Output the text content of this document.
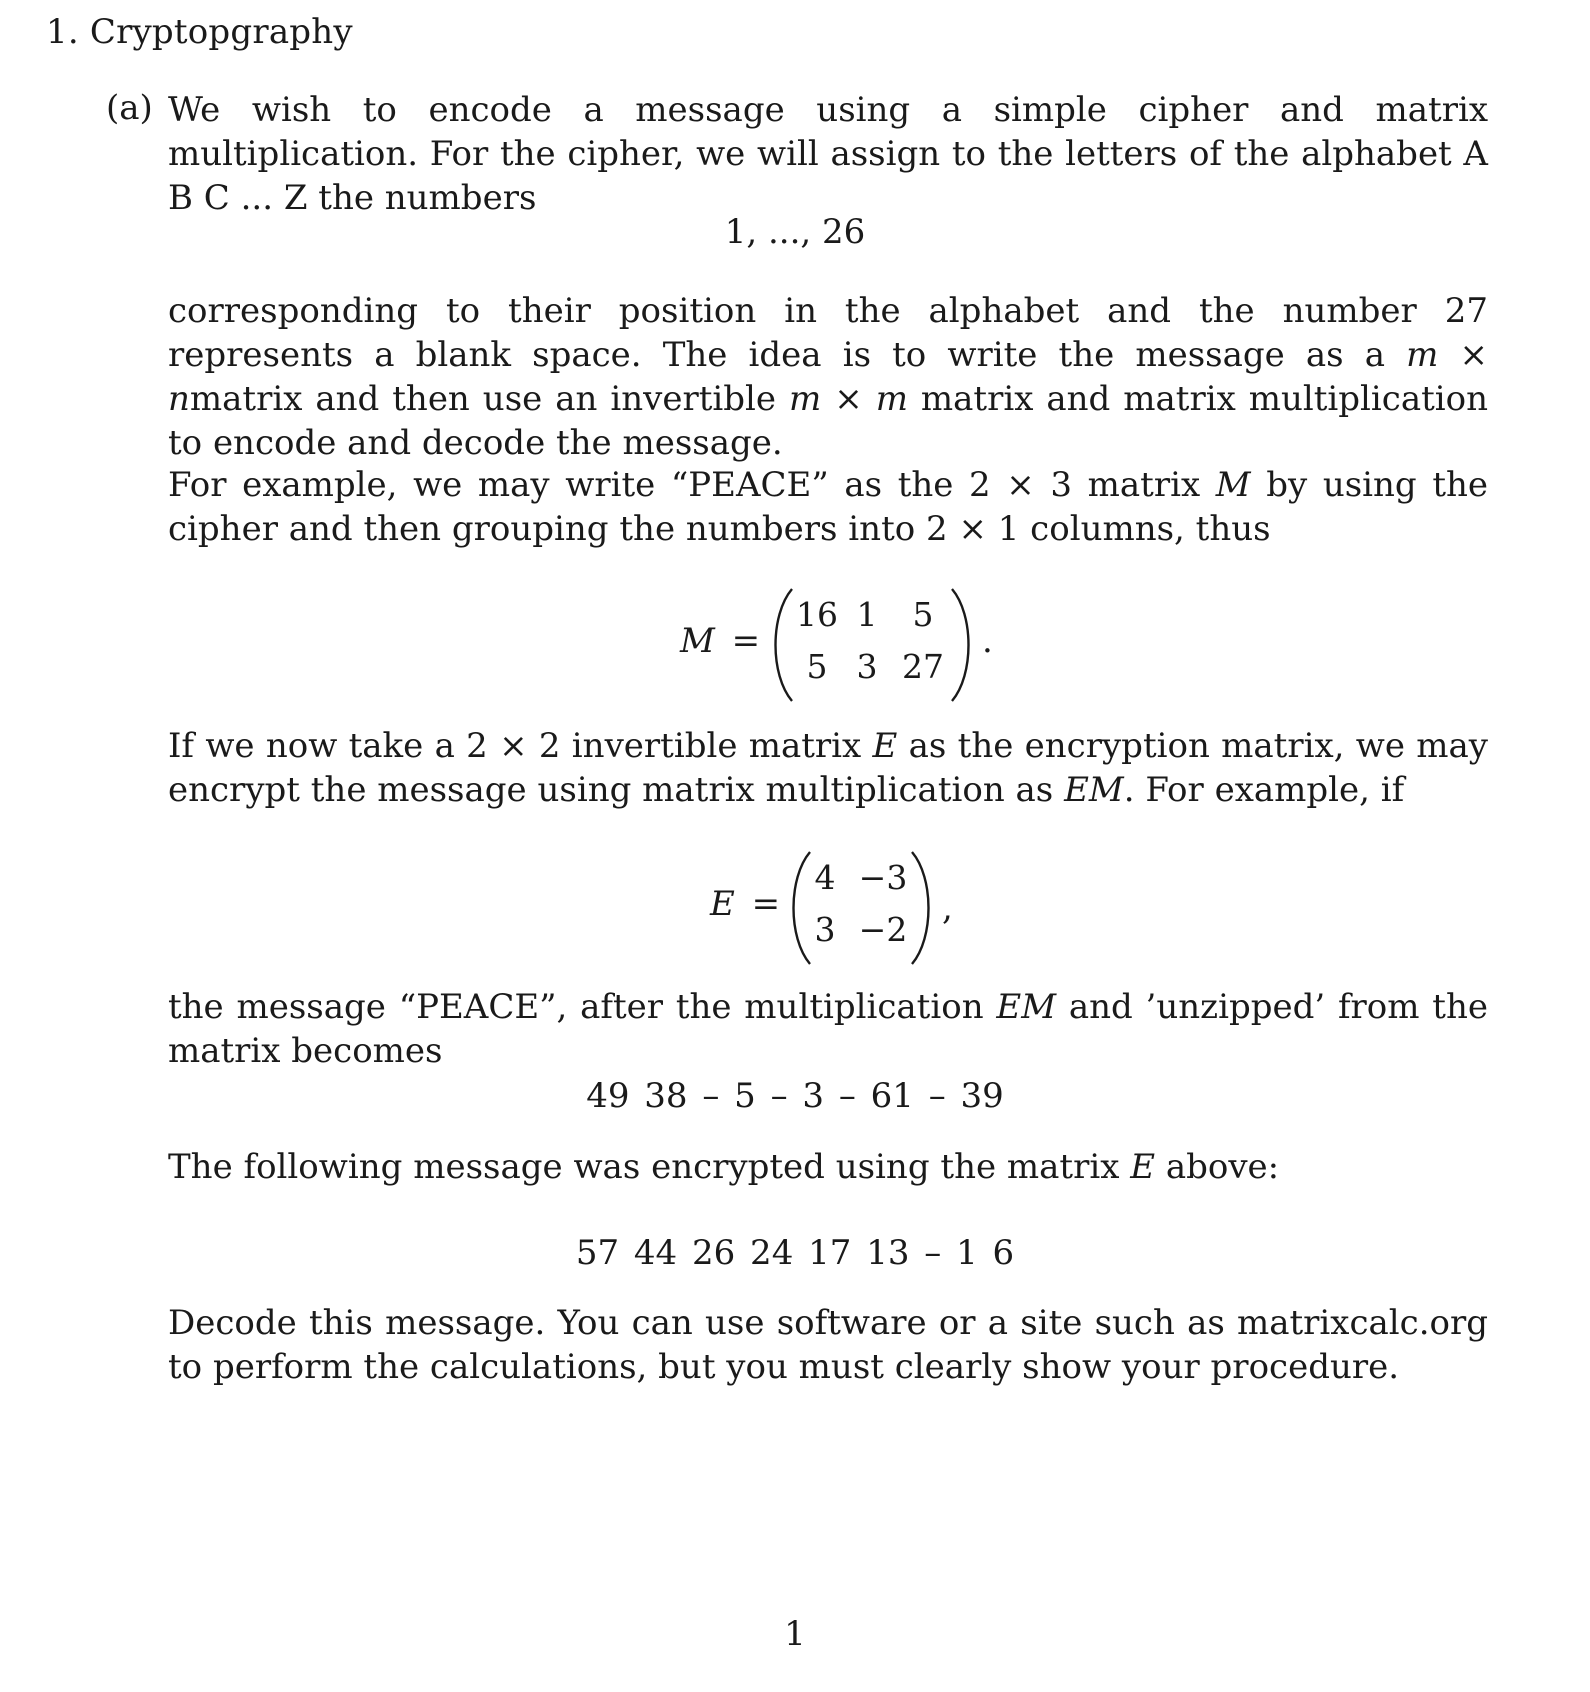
1. Cryptopgraphy
(a) We wish to encode a message using a simple cipher and matrix multiplication. For the cipher, we will assign to the letters of the alphabet A B C ... Z the numbers

1, ..., 26

corresponding to their position in the alphabet and the number 27 represents a blank space. The idea is to write the message as a m × nmatrix and then use an invertible m × m matrix and matrix multiplication to encode and decode the message.

For example, we may write “PEACE” as the 2 × 3 matrix M by using the cipher and then grouping the numbers into 2 × 1 columns, thus

M =
16 1	5
5 3 27
.

If we now take a 2 × 2 invertible matrix E as the encryption matrix, we may encrypt the message using matrix multiplication as EM. For example, if

E =
4 −3
3 −2
,

the message “PEACE”, after the multiplication EM and ’unzipped’ from the matrix becomes

49 38 – 5 – 3 – 61 – 39

The following message was encrypted using the matrix E above:

57 44 26 24 17 13 – 1 6

Decode this message. You can use software or a site such as matrixcalc.org to perform the calculations, but you must clearly show your procedure.

1
